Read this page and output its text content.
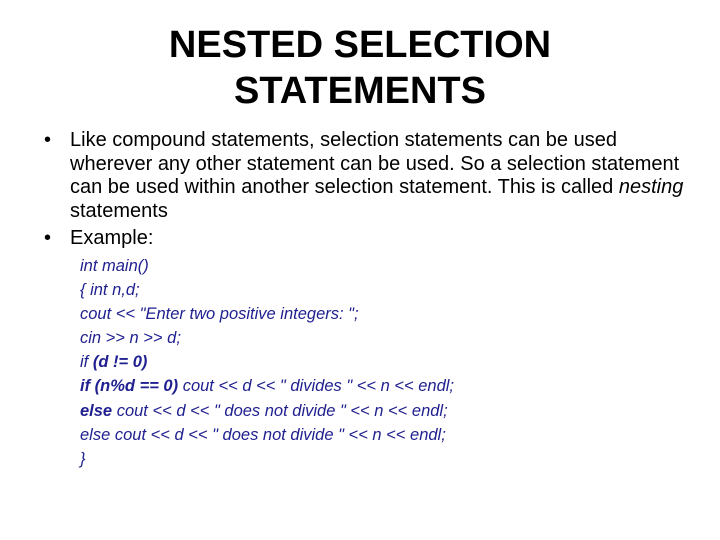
NESTED SELECTION
STATEMENTS
• Like compound statements, selection statements can be used wherever any other statement can be used. So a selection statement can be used within another selection statement. This is called nesting statements
• Example:
int main()
{ int n,d;
cout << "Enter two positive integers: ";
cin >> n >> d;
if (d != 0)
if (n%d == 0) cout << d << " divides " << n << endl;
else cout << d << " does not divide " << n << endl;
else cout << d << " does not divide " << n << endl;
}
